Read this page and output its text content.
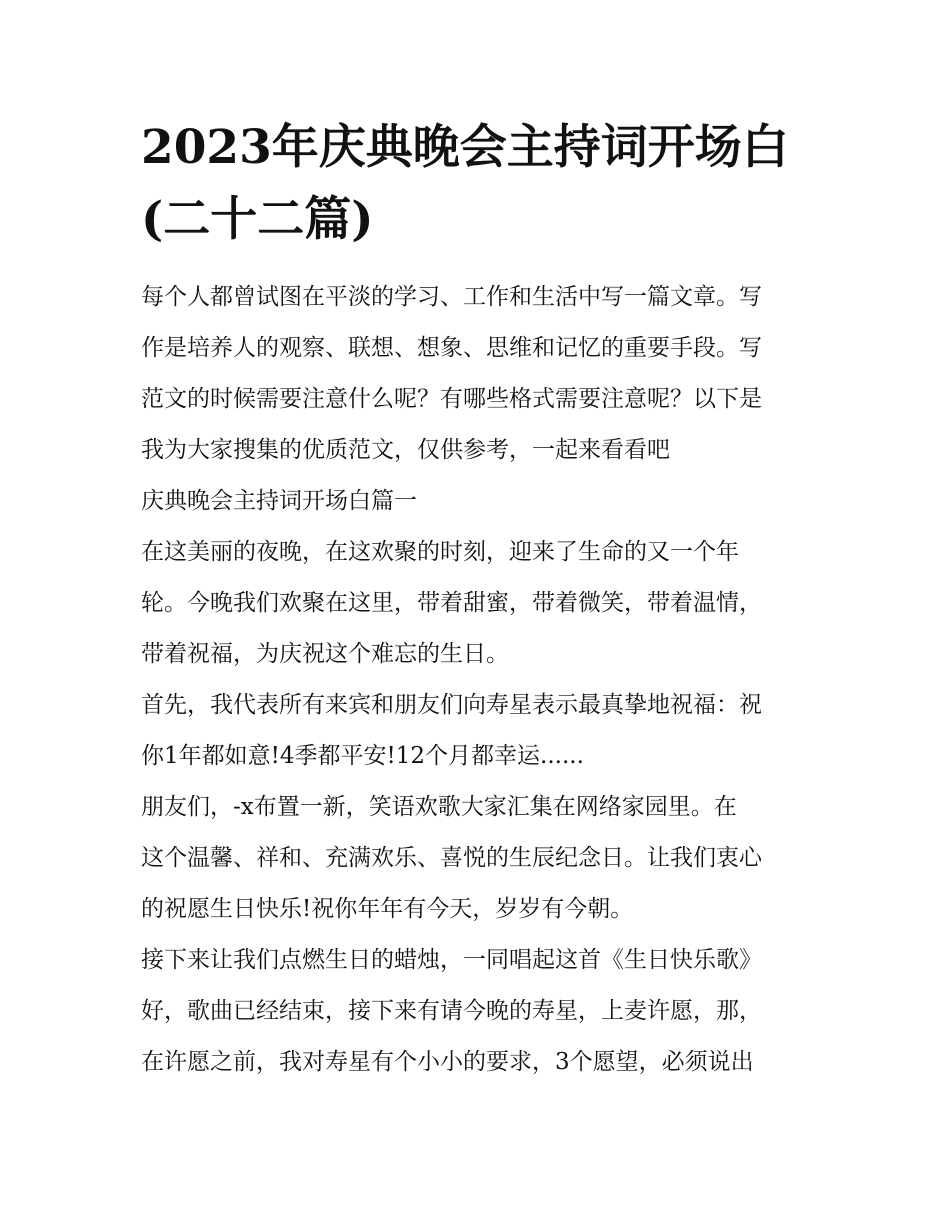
2023年庆典晚会主持词开场白
(二十二篇)

每个人都曾试图在平淡的学习、工作和生活中写一篇文章。写
作是培养人的观察、联想、想象、思维和记忆的重要手段。写
范文的时候需要注意什么呢？有哪些格式需要注意呢？以下是
我为大家搜集的优质范文，仅供参考，一起来看看吧

庆典晚会主持词开场白篇一

在这美丽的夜晚，在这欢聚的时刻，迎来了生命的又一个年
轮。今晚我们欢聚在这里，带着甜蜜，带着微笑，带着温情，
带着祝福，为庆祝这个难忘的生日。

首先，我代表所有来宾和朋友们向寿星表示最真挚地祝福：祝
你1年都如意!4季都平安!12个月都幸运......

朋友们，-x布置一新，笑语欢歌大家汇集在网络家园里。在
这个温馨、祥和、充满欢乐、喜悦的生辰纪念日。让我们衷心
的祝愿生日快乐!祝你年年有今天，岁岁有今朝。

接下来让我们点燃生日的蜡烛，一同唱起这首《生日快乐歌》
好，歌曲已经结束，接下来有请今晚的寿星，上麦许愿，那，
在许愿之前，我对寿星有个小小的要求，3个愿望，必须说出
